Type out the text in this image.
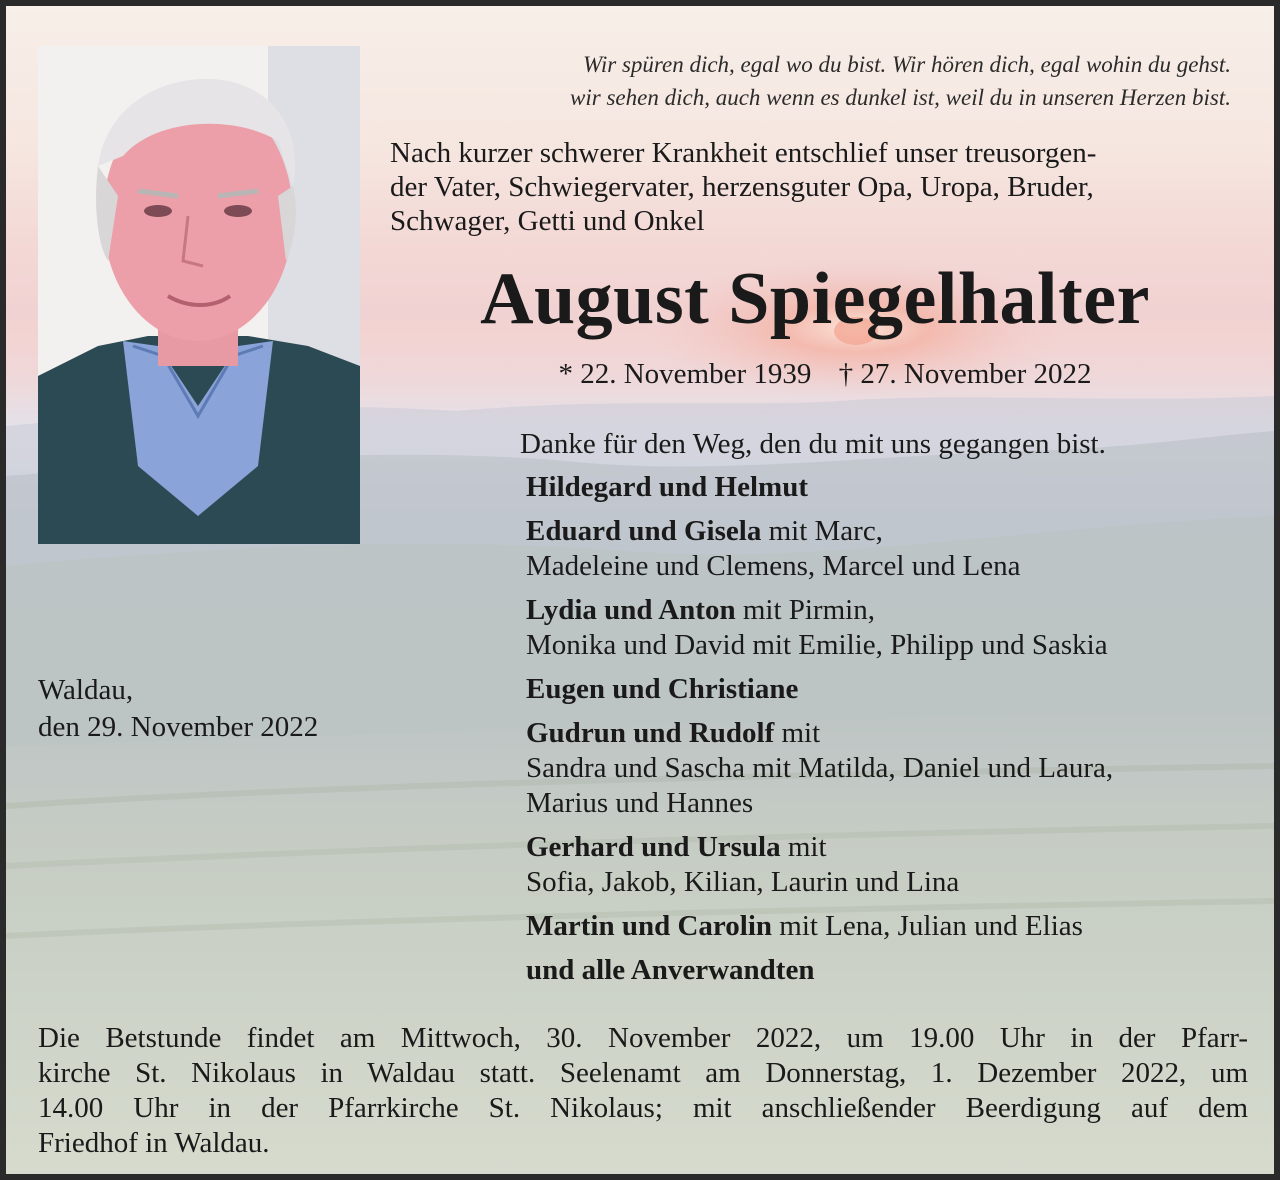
Wir spüren dich, egal wo du bist. Wir hören dich, egal wohin du gehst.
wir sehen dich, auch wenn es dunkel ist, weil du in unseren Herzen bist.
Nach kurzer schwerer Krankheit entschlief unser treusorgen-
der Vater, Schwiegervater, herzensguter Opa, Uropa, Bruder,
Schwager, Getti und Onkel
August Spiegelhalter
* 22. November 1939 † 27. November 2022
Danke für den Weg, den du mit uns gegangen bist.
Hildegard und Helmut
Eduard und Gisela mit Marc,
Madeleine und Clemens, Marcel und Lena
Lydia und Anton mit Pirmin,
Monika und David mit Emilie, Philipp und Saskia
Eugen und Christiane
Gudrun und Rudolf mit
Sandra und Sascha mit Matilda, Daniel und Laura,
Marius und Hannes
Gerhard und Ursula mit
Sofia, Jakob, Kilian, Laurin und Lina
Martin und Carolin mit Lena, Julian und Elias
und alle Anverwandten
Waldau,
den 29. November 2022
Die Betstunde findet am Mittwoch, 30. November 2022, um 19.00 Uhr in der Pfarr-
kirche St. Nikolaus in Waldau statt. Seelenamt am Donnerstag, 1. Dezember 2022, um
14.00 Uhr in der Pfarrkirche St. Nikolaus; mit anschließender Beerdigung auf dem
Friedhof in Waldau.
